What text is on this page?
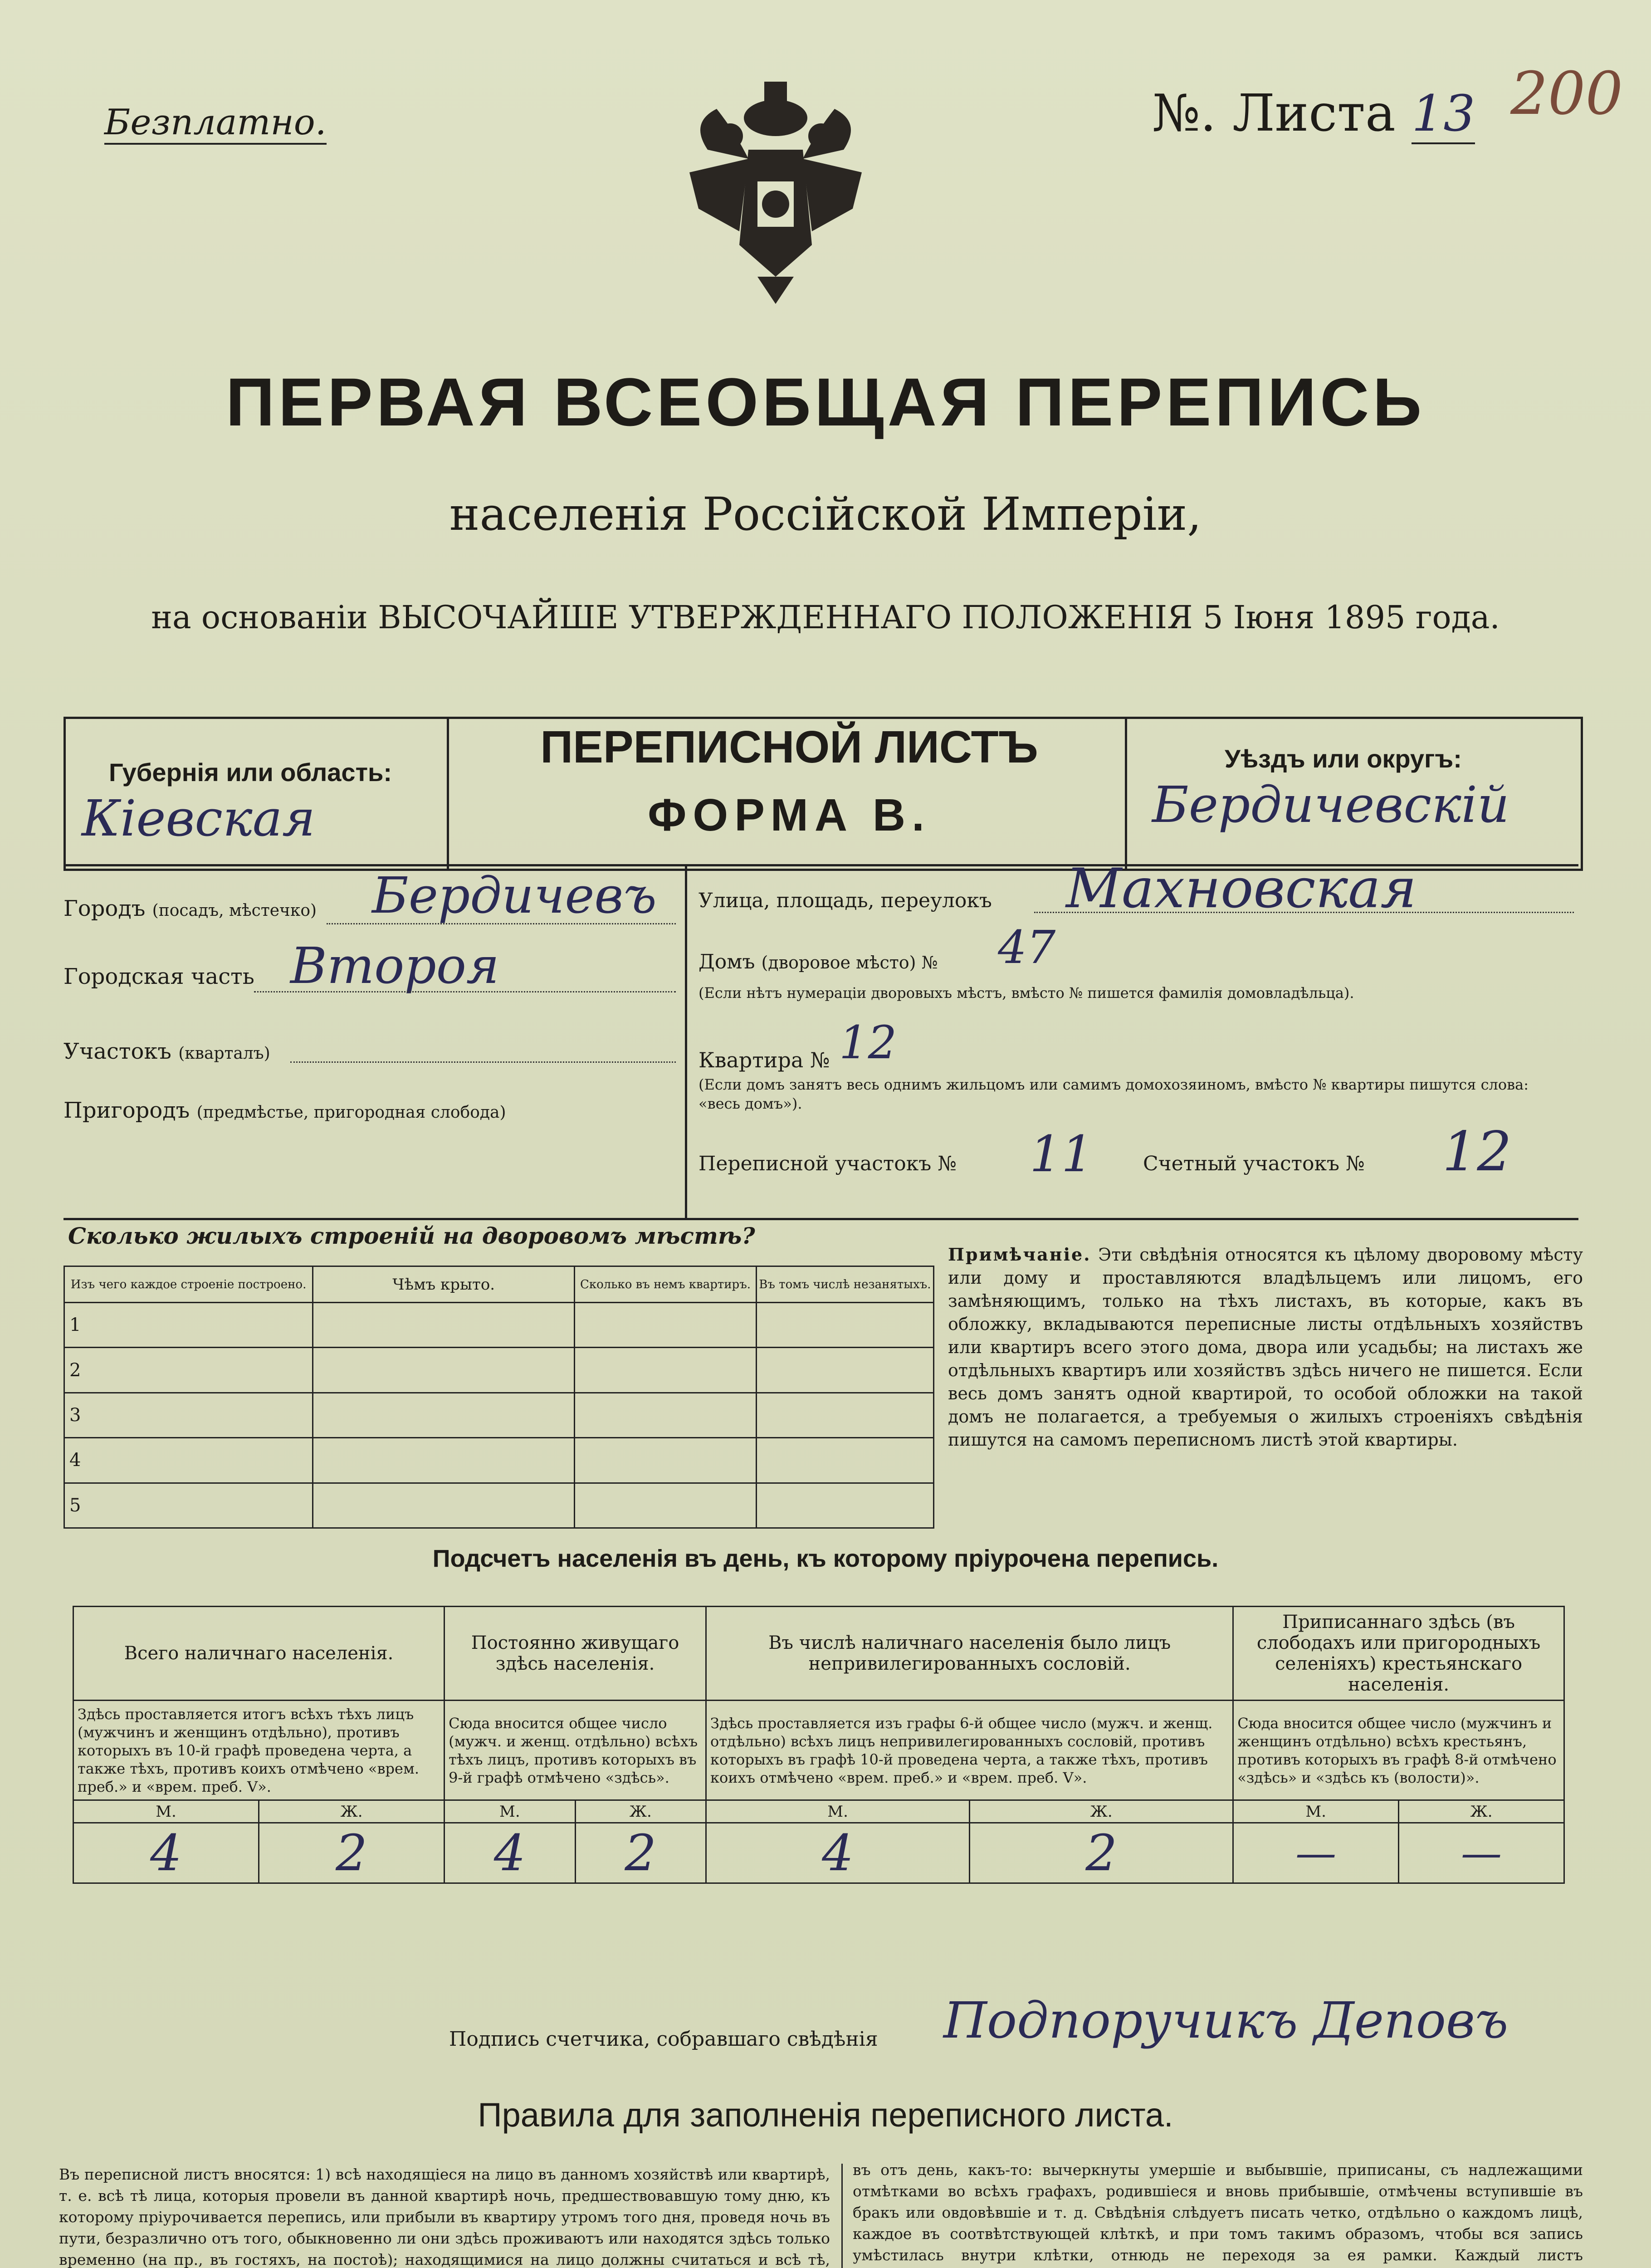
Безплатно.	№. Листа 13 200
ПЕРВАЯ ВСЕОБЩАЯ ПЕРЕПИСЬ
населенія Россійской Имперіи,
на основаніи ВЫСОЧАЙШЕ УТВЕРЖДЕННАГО ПОЛОЖЕНІЯ 5 Іюня 1895 года.
Губернія или область:
Кіевская
ПЕРЕПИСНОЙ ЛИСТЪ
ФОРМА В.
Уѣздъ или округъ:
Бердичевскій
Городъ (посадъ, мѣстечко) Бердичевъ
Городская часть Второя
Участокъ (кварталъ)
Пригородъ (предмѣстье, пригородная слобода)
Улица, площадь, переулокъ Махновская
Домъ (дворовое мѣсто) № 47
(Если нѣтъ нумераціи дворовыхъ мѣстъ, вмѣсто № пишется фамилія домовладѣльца).
Квартира № 12
(Если домъ занятъ весь однимъ жильцомъ или самимъ домохозяиномъ, вмѣсто № квартиры пишутся слова: «весь домъ»).
Переписной участокъ № 11	Счетный участокъ № 12
Сколько жилыхъ строеній на дворовомъ мѣстѣ?
Изъ чего каждое строеніе построено.	Чѣмъ крыто.	Сколько въ немъ квартиръ.	Въ томъ числѣ незанятыхъ.
1			
2			
3			
4			
5			
Примѣчаніе. Эти свѣдѣнія относятся къ цѣлому дворовому мѣсту или дому и проставляются владѣльцемъ или лицомъ, его замѣняющимъ, только на тѣхъ листахъ, въ которые, какъ въ обложку, вкладываются переписные листы отдѣльныхъ хозяйствъ или квартиръ всего этого дома, двора или усадьбы; на листахъ же отдѣльныхъ квартиръ или хозяйствъ здѣсь ничего не пишется. Если весь домъ занятъ одной квартирой, то особой обложки на такой домъ не полагается, а требуемыя о жилыхъ строеніяхъ свѣдѣнія пишутся на самомъ переписномъ листѣ этой квартиры.
Подсчетъ населенія въ день, къ которому пріурочена перепись.
Всего наличнаго населенія.		Постоянно живущаго здѣсь населенія.		Въ числѣ наличнаго населенія было лицъ непривилегированныхъ сословій.		Приписаннаго здѣсь (въ слободахъ или пригородныхъ селеніяхъ) крестьянскаго населенія.	
Здѣсь проставляется итогъ всѣхъ тѣхъ лицъ (мужчинъ и женщинъ отдѣльно), противъ которыхъ въ 10-й графѣ проведена черта, а также тѣхъ, противъ коихъ отмѣчено «врем. преб.» и «врем. преб. V».		Сюда вносится общее число (мужч. и женщ. отдѣльно) всѣхъ тѣхъ лицъ, противъ которыхъ въ 9-й графѣ отмѣчено «здѣсь».		Здѣсь проставляется изъ графы 6-й общее число (мужч. и женщ. отдѣльно) всѣхъ лицъ непривилегированныхъ сословій, противъ которыхъ въ графѣ 10-й проведена черта, а также тѣхъ, противъ коихъ отмѣчено «врем. преб.» и «врем. преб. V».		Сюда вносится общее число (мужчинъ и женщинъ отдѣльно) всѣхъ крестьянъ, противъ которыхъ въ графѣ 8-й отмѣчено «здѣсь» и «здѣсь къ (волости)».	
М.	Ж.	М.	Ж.	М.	Ж.	М.	Ж.
4	2	4	2	4	2	—	—
Подпись счетчика, собравшаго свѣдѣнія Подпоручикъ Деповъ
Правила для заполненія переписного листа.
Въ переписной листъ вносятся: 1) всѣ находящіеся на лицо въ данномъ хозяйствѣ или квартирѣ, т. е. всѣ тѣ лица, которыя провели въ данной квартирѣ ночь, предшествовавшую тому дню, къ которому пріурочивается перепись, или прибыли въ квартиру утромъ того дня, проведя ночь въ пути, безразлично отъ того, обыкновенно ли они здѣсь проживаютъ или находятся здѣсь только временно (на пр., въ гостяхъ, на постоѣ); находящимися на лицо должны считаться и всѣ тѣ,
въ отъ день, какъ-то: вычеркнуты умершіе и выбывшіе, приписаны, съ надлежащими отмѣтками во всѣхъ графахъ, родившіеся и вновь прибывшіе, отмѣчены вступившіе въ бракъ или овдовѣвшіе и т. д. Свѣдѣнія слѣдуетъ писать четко, отдѣльно о каждомъ лицѣ, каждое въ соотвѣтствующей клѣткѣ, и при томъ такимъ образомъ, чтобы вся запись умѣстилась внутри клѣтки, отнюдь не переходя за ея рамки. Каждый листъ
